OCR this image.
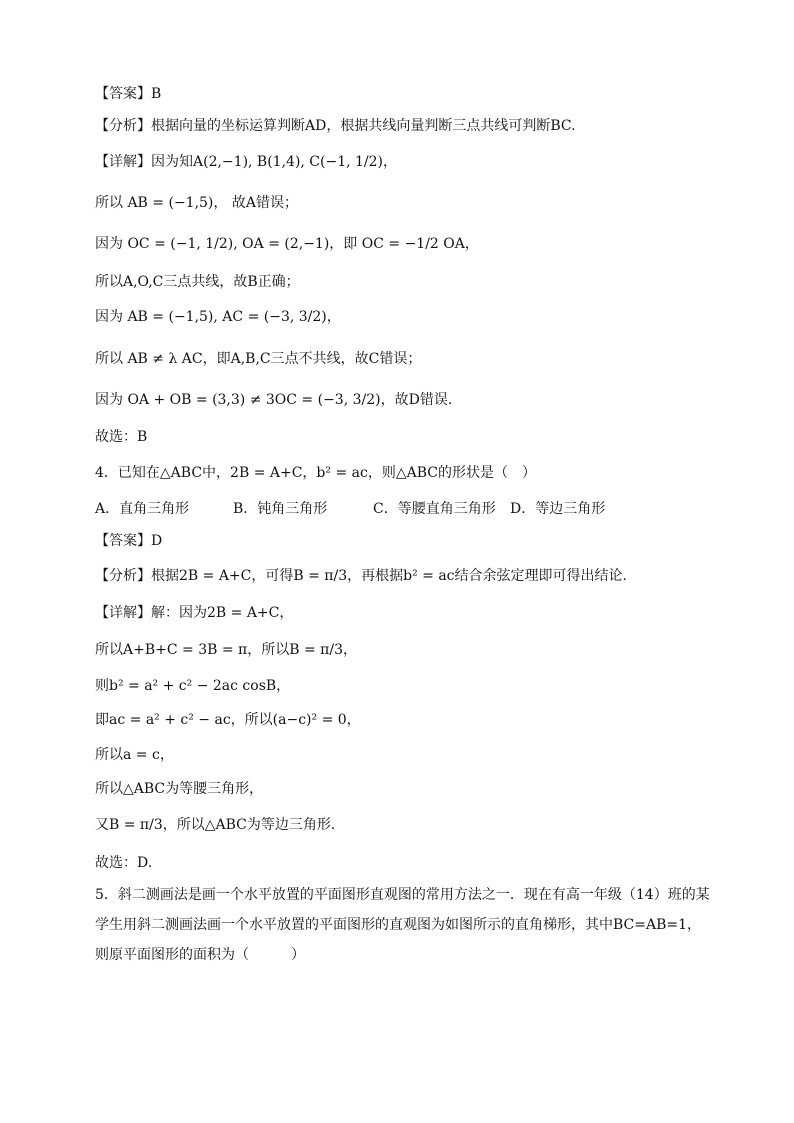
【答案】B
【分析】根据向量的坐标运算判断AD，根据共线向量判断三点共线可判断BC.
【详解】因为知A(2,−1), B(1,4), C(−1, 1/2)，
所以 AB = (−1,5)， 故A错误；
因为 OC = (−1, 1/2), OA = (2,−1)，即 OC = −1/2 OA，
所以A,O,C三点共线，故B正确；
因为 AB = (−1,5), AC = (−3, 3/2)，
所以 AB ≠ λ AC，即A,B,C三点不共线，故C错误；
因为 OA + OB = (3,3) ≠ 3OC = (−3, 3/2)，故D错误.
故选：B
4．已知在△ABC中，2B = A+C，b² = ac，则△ABC的形状是（　）
A．直角三角形	B．钝角三角形	C．等腰直角三角形	D．等边三角形
【答案】D
【分析】根据2B = A+C，可得B = π/3，再根据b² = ac结合余弦定理即可得出结论.
【详解】解：因为2B = A+C，
所以A+B+C = 3B = π，所以B = π/3，
则b² = a² + c² − 2ac cosB，
即ac = a² + c² − ac，所以(a−c)² = 0，
所以a = c，
所以△ABC为等腰三角形，
又B = π/3，所以△ABC为等边三角形.
故选：D.
5．斜二测画法是画一个水平放置的平面图形直观图的常用方法之一．现在有高一年级（14）班的某学生用斜二测画法画一个水平放置的平面图形的直观图为如图所示的直角梯形，其中BC=AB=1，则原平面图形的面积为（　　　）
